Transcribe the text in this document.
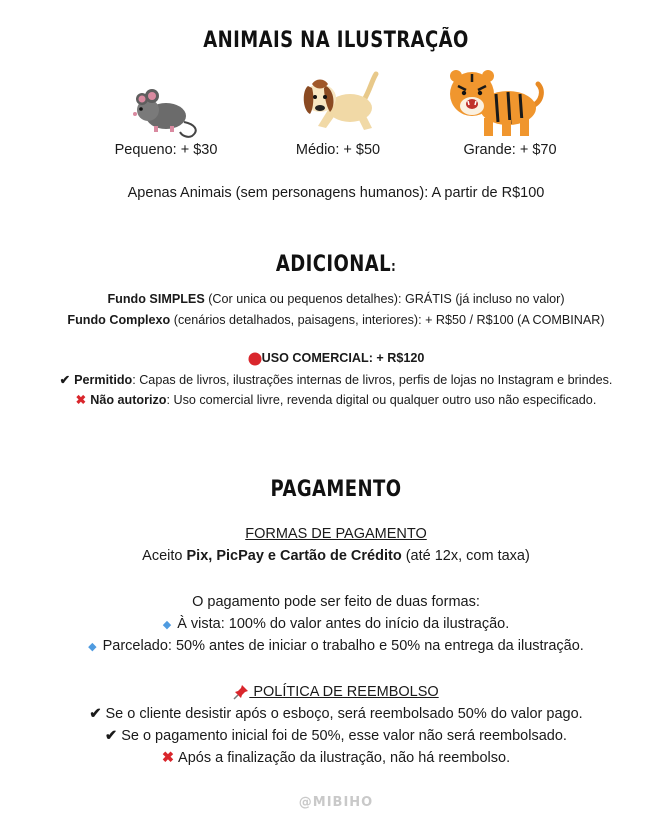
ANIMAIS NA ILUSTRAÇÃO
Pequeno: + $30	Médio: + $50	Grande: + $70
Apenas Animais (sem personagens humanos): A partir de R$100
ADICIONAL:
Fundo SIMPLES (Cor unica ou pequenos detalhes): GRÁTIS (já incluso no valor)
Fundo Complexo (cenários detalhados, paisagens, interiores): + R$50 / R$100 (A COMBINAR)
USO COMERCIAL: + R$120
✔ Permitido: Capas de livros, ilustrações internas de livros, perfis de lojas no Instagram e brindes.
✖ Não autorizo: Uso comercial livre, revenda digital ou qualquer outro uso não especificado.
PAGAMENTO
FORMAS DE PAGAMENTO
Aceito Pix, PicPay e Cartão de Crédito (até 12x, com taxa)
O pagamento pode ser feito de duas formas:
◆ À vista: 100% do valor antes do início da ilustração.
◆ Parcelado: 50% antes de iniciar o trabalho e 50% na entrega da ilustração.
POLÍTICA DE REEMBOLSO
✔ Se o cliente desistir após o esboço, será reembolsado 50% do valor pago.
✔ Se o pagamento inicial foi de 50%, esse valor não será reembolsado.
✖ Após a finalização da ilustração, não há reembolso.
@MIBIHO
